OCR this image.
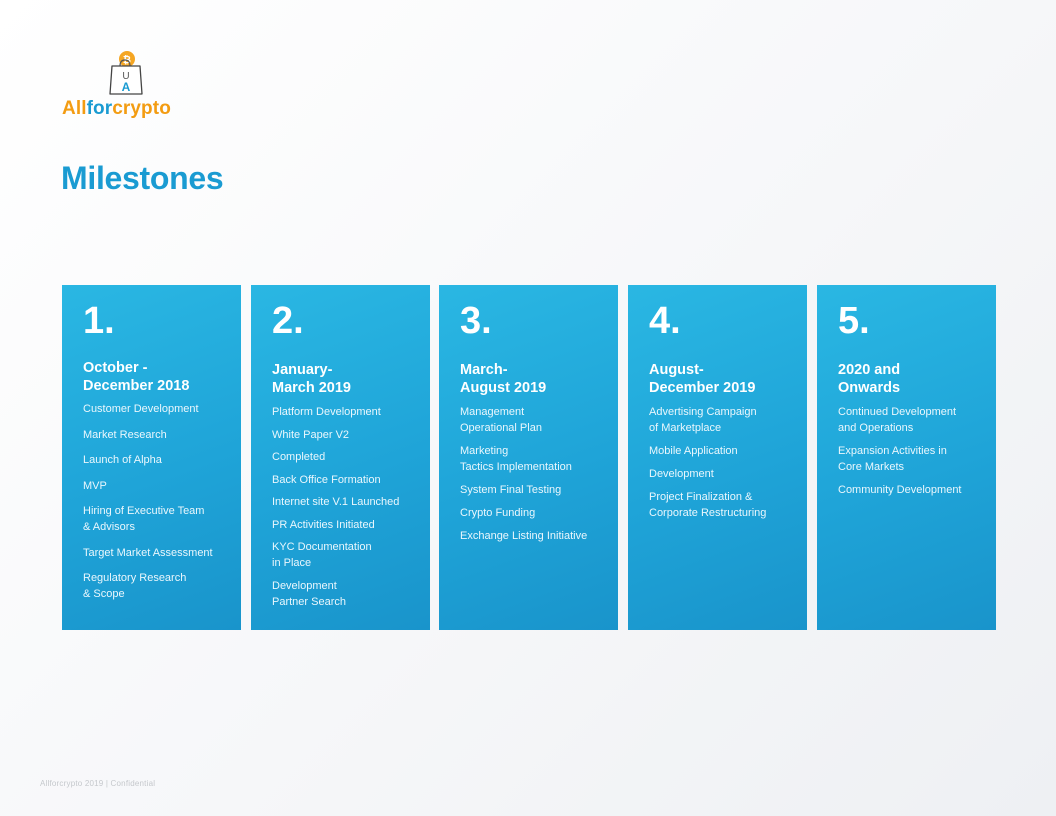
₿
U
A
Allforcrypto
Milestones
1.
October -
December 2018
Customer Development
Market Research
Launch of Alpha
MVP
Hiring of Executive Team
& Advisors
Target Market Assessment
Regulatory Research
& Scope
2.
January-
March 2019
Platform Development
White Paper V2
Completed
Back Office Formation
Internet site V.1 Launched
PR Activities Initiated
KYC Documentation
in Place
Development
Partner Search
3.
March-
August 2019
Management
Operational Plan
Marketing
Tactics Implementation
System Final Testing
Crypto Funding
Exchange Listing Initiative
4.
August-
December 2019
Advertising Campaign
of Marketplace
Mobile Application
Development
Project Finalization &
Corporate Restructuring
5.
2020 and
Onwards
Continued Development
and Operations
Expansion Activities in
Core Markets
Community Development
Allforcrypto 2019 | Confidential
